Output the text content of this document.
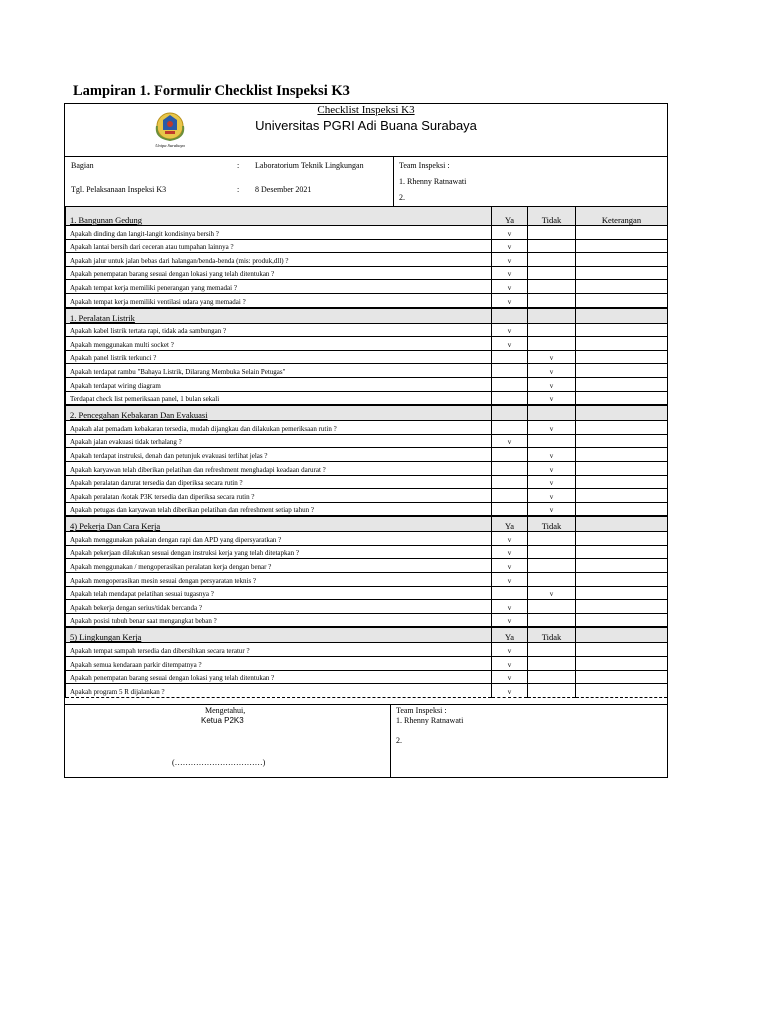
Lampiran 1. Formulir Checklist Inspeksi K3
Unipa Surabaya
Checklist Inspeksi K3
Universitas PGRI Adi Buana Surabaya
Bagian	: Laboratorium Teknik Lingkungan
Tgl. Pelaksanaan Inspeksi K3	: 8 Desember 2021
Team Inspeksi :
1. Rhenny Ratnawati
2.
1. Bangunan Gedung	Ya	Tidak	Keterangan
Apakah dinding dan langit-langit kondisinya bersih ?	v		
Apakah lantai bersih dari ceceran atau tumpahan lainnya ?	v		
Apakah jalur untuk jalan bebas dari halangan/benda-benda (mis: produk,dll) ?	v		
Apakah penempatan barang sesuai dengan lokasi yang telah ditentukan ?	v		
Apakah tempat kerja memiliki penerangan yang memadai ?	v		
Apakah tempat kerja memiliki ventilasi udara yang memadai ?	v		
1. Peralatan Listrik			
Apakah kabel listrik tertata rapi, tidak ada sambungan ?	v		
Apakah menggunakan multi socket ?	v		
Apakah panel listrik terkunci ?		v	
Apakah terdapat rambu "Bahaya Listrik, Dilarang Membuka Selain Petugas"		v	
Apakah terdapat wiring diagram		v	
Terdapat check list pemeriksaan panel, 1 bulan sekali		v	
2. Pencegahan Kebakaran Dan Evakuasi			
Apakah alat pemadam kebakaran tersedia, mudah dijangkau dan dilakukan pemeriksaan rutin ?		v	
Apakah jalan evakuasi tidak terhalang ?	v		
Apakah terdapat instruksi, denah dan petunjuk evakuasi terlihat jelas ?		v	
Apakah karyawan telah diberikan pelatihan dan refreshment menghadapi keadaan darurat ?		v	
Apakah peralatan darurat tersedia dan diperiksa secara rutin ?		v	
Apakah peralatan /kotak P3K tersedia dan diperiksa secara rutin ?		v	
Apakah petugas dan karyawan telah diberikan pelatihan dan refreshment setiap tahun ?		v	
4) Pekerja Dan Cara Kerja	Ya	Tidak	
Apakah menggunakan pakaian dengan rapi dan APD yang dipersyaratkan ?	v		
Apakah pekerjaan dilakukan sesuai dengan instruksi kerja yang telah ditetapkan ?	v		
Apakah menggunakan / mengoperasikan peralatan kerja dengan benar ?	v		
Apakah mengoperasikan mesin sesuai dengan persyaratan teknis ?	v		
Apakah telah mendapat pelatihan sesuai tugasnya ?		v	
Apakah bekerja dengan serius/tidak bercanda ?	v		
Apakah posisi tubuh benar saat mengangkat beban ?	v		
5) Lingkungan Kerja	Ya	Tidak	
Apakah tempat sampah tersedia dan dibersihkan secara teratur ?	v		
Apakah semua kendaraan parkir ditempatnya ?	v		
Apakah penempatan barang sesuai dengan lokasi yang telah ditentukan ?	v		
Apakah program 5 R dijalankan ?	v		
Mengetahui,
Ketua P2K3
(……………………………)
Team Inspeksi :
1. Rhenny Ratnawati
2.
